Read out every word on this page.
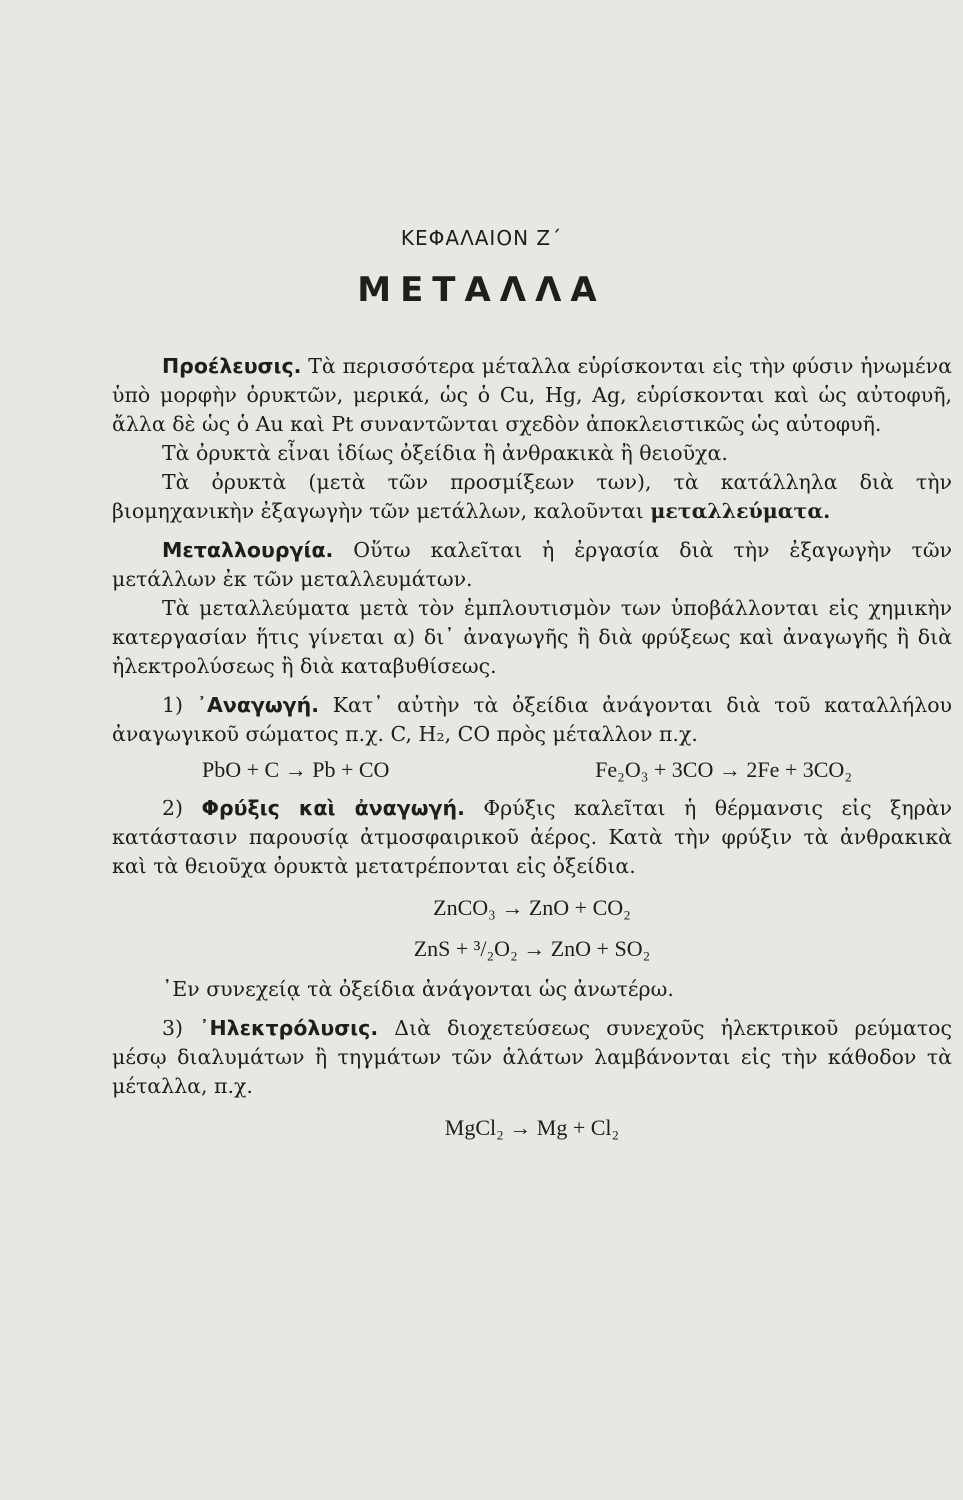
ΚΕΦΑΛΑΙΟΝ Ζ΄
ΜΕΤΑΛΛΑ

Προέλευσις. Τὰ περισσότερα μέταλλα εὑρίσκονται εἰς τὴν φύσιν ἡνωμένα ὑπὸ μορφὴν ὀρυκτῶν, μερικά, ὡς ὁ Cu, Hg, Ag, εὑρίσκονται καὶ ὡς αὐτοφυῆ, ἄλλα δὲ ὡς ὁ Au καὶ Pt συναντῶνται σχεδὸν ἀποκλειστικῶς ὡς αὐτοφυῆ.

Τὰ ὀρυκτὰ εἶναι ἰδίως ὀξείδια ἢ ἀνθρακικὰ ἢ θειοῦχα.

Τὰ ὀρυκτὰ (μετὰ τῶν προσμίξεων των), τὰ κατάλληλα διὰ τὴν βιομηχανικὴν ἐξαγωγὴν τῶν μετάλλων, καλοῦνται μεταλλεύματα.

Μεταλλουργία. Οὕτω καλεῖται ἡ ἐργασία διὰ τὴν ἐξαγωγὴν τῶν μετάλλων ἐκ τῶν μεταλλευμάτων.

Τὰ μεταλλεύματα μετὰ τὸν ἐμπλουτισμὸν των ὑποβάλλονται εἰς χημικὴν κατεργασίαν ἥτις γίνεται α) δι᾽ ἀναγωγῆς ἢ διὰ φρύξεως καὶ ἀναγωγῆς ἢ διὰ ἠλεκτρολύσεως ἢ διὰ καταβυθίσεως.

1) ᾽Αναγωγή. Κατ᾽ αὐτὴν τὰ ὀξείδια ἀνάγονται διὰ τοῦ καταλλήλου ἀναγωγικοῦ σώματος π.χ. C, H₂, CO πρὸς μέταλλον π.χ.

PbO + C → Pb + CO	Fe₂O₃ + 3CO → 2Fe + 3CO₂

2) Φρύξις καὶ ἀναγωγή. Φρύξις καλεῖται ἡ θέρμανσις εἰς ξηρὰν κατάστασιν παρουσίᾳ ἀτμοσφαιρικοῦ ἀέρος. Κατὰ τὴν φρύξιν τὰ ἀνθρακικὰ καὶ τὰ θειοῦχα ὀρυκτὰ μετατρέπονται εἰς ὀξείδια.

ZnCO₃ → ZnO + CO₂
ZnS + ³/₂O₂ → ZnO + SO₂

᾽Εν συνεχείᾳ τὰ ὀξείδια ἀνάγονται ὡς ἀνωτέρω.

3) ᾽Ηλεκτρόλυσις. Διὰ διοχετεύσεως συνεχοῦς ἠλεκτρικοῦ ρεύματος μέσῳ διαλυμάτων ἢ τηγμάτων τῶν ἁλάτων λαμβάνονται εἰς τὴν κάθοδον τὰ μέταλλα, π.χ.

MgCl₂ → Mg + Cl₂
